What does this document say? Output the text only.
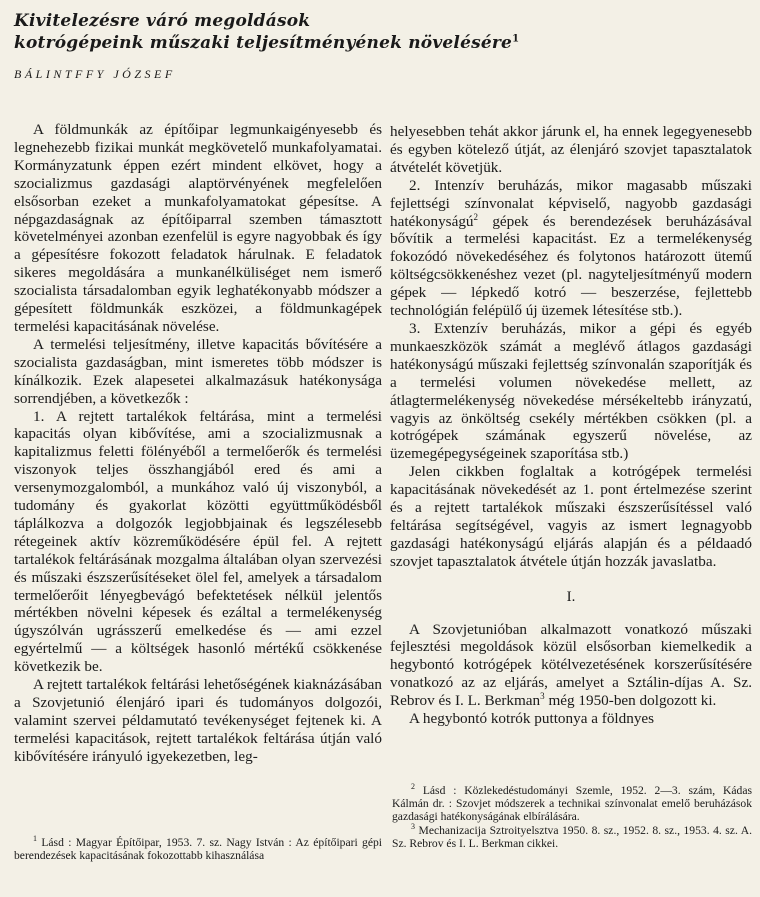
Kivitelezésre váró megoldások
kotrógépeink műszaki teljesítményének növelésére$^1$
BÁLINTFFY JÓZSEF

A földmunkák az építőipar legmunkaigényesebb és legnehezebb fizikai munkát megkövetelő munkafolyamatai. Kormányzatunk éppen ezért mindent elkövet, hogy a szocializmus gazdasági alaptörvényének megfelelően elsősorban ezeket a munkafolyamatokat gépesítse. A népgazdaságnak az építőiparral szemben támasztott követelményei azonban ezenfelül is egyre nagyobbak és így a gépesítésre fokozott feladatok hárulnak. E feladatok sikeres megoldására a munkanélküliséget nem ismerő szocialista társadalomban egyik leghatékonyabb módszer a gépesített földmunkák eszközei, a földmunkagépek termelési kapacitásának növelése.

A termelési teljesítmény, illetve kapacitás bővítésére a szocialista gazdaságban, mint ismeretes több módszer is kínálkozik. Ezek alapesetei alkalmazásuk hatékonysága sorrendjében, a következők :

1. A rejtett tartalékok feltárása, mint a termelési kapacitás olyan kibővítése, ami a szocializmusnak a kapitalizmus feletti fölényéből a termelőerők és termelési viszonyok teljes összhangjából ered és ami a versenymozgalomból, a munkához való új viszonyból, a tudomány és gyakorlat közötti együttműködésből táplálkozva a dolgozók legjobbjainak és legszélesebb rétegeinek aktív közreműködésére épül fel. A rejtett tartalékok feltárásának mozgalma általában olyan szervezési és műszaki észszerűsítéseket ölel fel, amelyek a társadalom termelőerőit lényegbevágó befektetések nélkül jelentős mértékben növelni képesek és ezáltal a termelékenység úgyszólván ugrásszerű emelkedése és — ami ezzel egyértelmű — a költségek hasonló mértékű csökkenése következik be.

A rejtett tartalékok feltárási lehetőségének kiaknázásában a Szovjetunió élenjáró ipari és tudományos dolgozói, valamint szervei példamutató tevékenységet fejtenek ki. A termelési kapacitások, rejtett tartalékok feltárása útján való kibővítésére irányuló igyekezetben, leg-

helyesebben tehát akkor járunk el, ha ennek legegyenesebb és egyben kötelező útját, az élenjáró szovjet tapasztalatok átvételét követjük.

2. Intenzív beruházás, mikor magasabb műszaki fejlettségi színvonalat képviselő, nagyobb gazdasági hatékonyságú$^2$ gépek és berendezések beruházásával bővítik a termelési kapacitást. Ez a termelékenység fokozódó növekedéséhez és folytonos határozott ütemű költségcsökkenéshez vezet (pl. nagyteljesítményű modern gépek — lépkedő kotró — beszerzése, fejlettebb technológián felépülő új üzemek létesítése stb.).

3. Extenzív beruházás, mikor a gépi és egyéb munkaeszközök számát a meglévő átlagos gazdasági hatékonyságú műszaki fejlettség színvonalán szaporítják és a termelési volumen növekedése mellett, az átlagtermelékenység növekedése mérsékeltebb irányzatú, vagyis az önköltség csekély mértékben csökken (pl. a kotrógépek számának egyszerű növelése, az üzemegépegységeinek szaporítása stb.)

Jelen cikkben foglaltak a kotrógépek termelési kapacitásának növekedését az 1. pont értelmezése szerint és a rejtett tartalékok műszaki észszerűsítéssel való feltárása segítségével, vagyis az ismert legnagyobb gazdasági hatékonyságú eljárás alapján és a példaadó szovjet tapasztalatok átvétele útján hozzák javaslatba.

I.

A Szovjetunióban alkalmazott vonatkozó műszaki fejlesztési megoldások közül elsősorban kiemelkedik a hegybontó kotrógépek kötélvezetésének korszerűsítésére vonatkozó az az eljárás, amelyet a Sztálin-díjas A. Sz. Rebrov és I. L. Berkman$^3$ még 1950-ben dolgozott ki.

A hegybontó kotrók puttonya a földnyes

$^1$ Lásd : Magyar Építőipar, 1953. 7. sz. Nagy István : Az építőipari gépi berendezések kapacitásának fokozottabb kihasználása

$^2$ Lásd : Közlekedéstudományi Szemle, 1952. 2—3. szám, Kádas Kálmán dr. : Szovjet módszerek a technikai színvonalat emelő beruházások gazdasági hatékonyságának elbírálására.

$^3$ Mechanizacija Sztroityelsztva 1950. 8. sz., 1952. 8. sz., 1953. 4. sz. A. Sz. Rebrov és I. L. Berkman cikkei.
